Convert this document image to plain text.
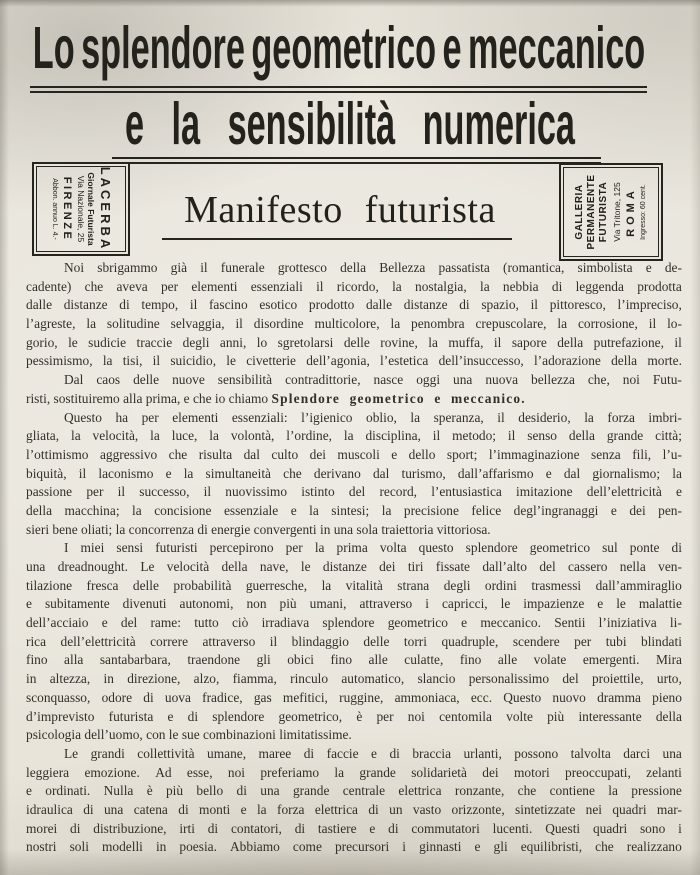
Lo splendore geometrico e meccanico
e la sensibilità numerica
LACERBA
Giornale Futurista
Via Nazionale, 25
FIRENZE
Abbon. annuo L. 4.-	GALLERIA PERMANENTE FUTURISTA Via Tritone, 125 ROMA Ingresso: 60 cent.
Manifesto futurista
Noi sbrigammo già il funerale grottesco della Bellezza passatista (romantica, simbolista e de-
cadente) che aveva per elementi essenziali il ricordo, la nostalgia, la nebbia di leggenda prodotta
dalle distanze di tempo, il fascino esotico prodotto dalle distanze di spazio, il pittoresco, l’impreciso,
l’agreste, la solitudine selvaggia, il disordine multicolore, la penombra crepuscolare, la corrosione, il lo-
gorio, le sudicie traccie degli anni, lo sgretolarsi delle rovine, la muffa, il sapore della putrefazione, il
pessimismo, la tisi, il suicidio, le civetterie dell’agonia, l’estetica dell’insuccesso, l’adorazione della morte.
Dal caos delle nuove sensibilità contradittorie, nasce oggi una nuova bellezza che, noi Futu-
risti, sostituiremo alla prima, e che io chiamo Splendore geometrico e meccanico.
Questo ha per elementi essenziali: l’igienico oblio, la speranza, il desiderio, la forza imbri-
gliata, la velocità, la luce, la volontà, l’ordine, la disciplina, il metodo; il senso della grande città;
l’ottimismo aggressivo che risulta dal culto dei muscoli e dello sport; l’immaginazione senza fili, l’u-
biquità, il laconismo e la simultaneità che derivano dal turismo, dall’affarismo e dal giornalismo; la
passione per il successo, il nuovissimo istinto del record, l’entusiastica imitazione dell’elettricità e
della macchina; la concisione essenziale e la sintesi; la precisione felice degl’ingranaggi e dei pen-
sieri bene oliati; la concorrenza di energie convergenti in una sola traiettoria vittoriosa.
I miei sensi futuristi percepirono per la prima volta questo splendore geometrico sul ponte di
una dreadnought. Le velocità della nave, le distanze dei tiri fissate dall’alto del cassero nella ven-
tilazione fresca delle probabilità guerresche, la vitalità strana degli ordini trasmessi dall’ammiraglio
e subitamente divenuti autonomi, non più umani, attraverso i capricci, le impazienze e le malattie
dell’acciaio e del rame: tutto ciò irradiava splendore geometrico e meccanico. Sentii l’iniziativa li-
rica dell’elettricità correre attraverso il blindaggio delle torri quadruple, scendere per tubi blindati
fino alla santabarbara, traendone gli obici fino alle culatte, fino alle volate emergenti. Mira
in altezza, in direzione, alzo, fiamma, rinculo automatico, slancio personalissimo del proiettile, urto,
sconquasso, odore di uova fradice, gas mefitici, ruggine, ammoniaca, ecc. Questo nuovo dramma pieno
d’imprevisto futurista e di splendore geometrico, è per noi centomila volte più interessante della
psicologia dell’uomo, con le sue combinazioni limitatissime.
Le grandi collettività umane, maree di faccie e di braccia urlanti, possono talvolta darci una
leggiera emozione. Ad esse, noi preferiamo la grande solidarietà dei motori preoccupati, zelanti
e ordinati. Nulla è più bello di una grande centrale elettrica ronzante, che contiene la pressione
idraulica di una catena di monti e la forza elettrica di un vasto orizzonte, sintetizzate nei quadri mar-
morei di distribuzione, irti di contatori, di tastiere e di commutatori lucenti. Questi quadri sono i
nostri soli modelli in poesia. Abbiamo come precursori i ginnasti e gli equilibristi, che realizzano
